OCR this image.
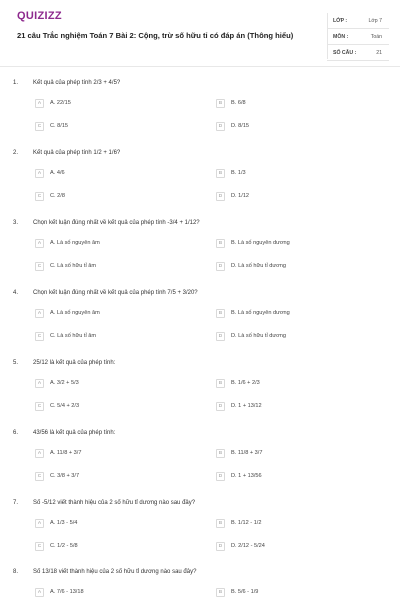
QUIZIZZ
21 câu Trắc nghiệm Toán 7 Bài 2: Cộng, trừ số hữu tỉ có đáp án (Thông hiểu)
LỚP :	Lớp 7
MÔN :	Toán
SỐ CÂU :	21
1. Kết quả của phép tính 2/3 + 4/5?
A	A. 22/15	B	B. 6/8
C	C. 8/15	D	D. 8/15
2. Kết quả của phép tính 1/2 + 1/6?
A	A. 4/6	B	B. 1/3
C	C. 2/8	D	D. 1/12
3. Chọn kết luận đúng nhất về kết quả của phép tính -3/4 + 1/12?
A	A. Là số nguyên âm	B	B. Là số nguyên dương
C	C. Là số hữu tỉ âm	D	D. Là số hữu tỉ dương
4. Chọn kết luận đúng nhất về kết quả của phép tính 7/5 + 3/20?
A	A. Là số nguyên âm	B	B. Là số nguyên dương
C	C. Là số hữu tỉ âm	D	D. Là số hữu tỉ dương
5. 25/12 là kết quả của phép tính:
A	A. 3/2 + 5/3	B	B. 1/6 + 2/3
C	C. 5/4 + 2/3	D	D. 1 + 13/12
6. 43/56 là kết quả của phép tính:
A	A. 11/8 + 3/7	B	B. 11/8 + 3/7
C	C. 3/8 + 3/7	D	D. 1 + 13/56
7. Số -5/12 viết thành hiệu của 2 số hữu tỉ dương nào sau đây?
A	A. 1/3 - 5/4	B	B. 1/12 - 1/2
C	C. 1/2 - 5/8	D	D. 2/12 - 5/24
8. Số 13/18 viết thành hiệu của 2 số hữu tỉ dương nào sau đây?
A	A. 7/6 - 13/18	B	B. 5/6 - 1/9
